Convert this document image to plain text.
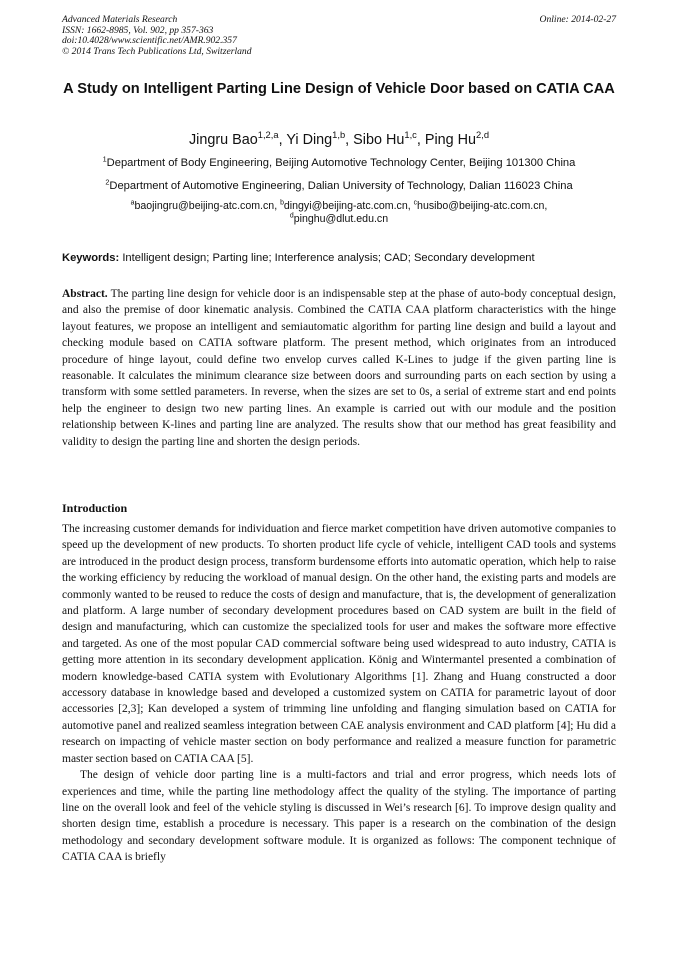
Advanced Materials Research
ISSN: 1662-8985, Vol. 902, pp 357-363
doi:10.4028/www.scientific.net/AMR.902.357
© 2014 Trans Tech Publications Ltd, Switzerland
Online: 2014-02-27
A Study on Intelligent Parting Line Design of Vehicle Door based on CATIA CAA
Jingru Bao$^{1,2,a}$, Yi Ding$^{1,b}$, Sibo Hu$^{1,c}$, Ping Hu$^{2,d}$
$^1$Department of Body Engineering, Beijing Automotive Technology Center, Beijing 101300 China
$^2$Department of Automotive Engineering, Dalian University of Technology, Dalian 116023 China
$^a$baojingru@beijing-atc.com.cn, $^b$dingyi@beijing-atc.com.cn, $^c$husibo@beijing-atc.com.cn,
$^d$pinghu@dlut.edu.cn
Keywords: Intelligent design; Parting line; Interference analysis; CAD; Secondary development
Abstract. The parting line design for vehicle door is an indispensable step at the phase of auto-body conceptual design, and also the premise of door kinematic analysis. Combined the CATIA CAA platform characteristics with the hinge layout features, we propose an intelligent and semiautomatic algorithm for parting line design and build a layout and checking module based on CATIA software platform. The present method, which originates from an introduced procedure of hinge layout, could define two envelop curves called K-Lines to judge if the given parting line is reasonable. It calculates the minimum clearance size between doors and surrounding parts on each section by using a transform with some settled parameters. In reverse, when the sizes are set to 0s, a serial of extreme start and end points help the engineer to design two new parting lines. An example is carried out with our module and the position relationship between K-lines and parting line are analyzed. The results show that our method has great feasibility and validity to design the parting line and shorten the design periods.
Introduction

The increasing customer demands for individuation and fierce market competition have driven automotive companies to speed up the development of new products. To shorten product life cycle of vehicle, intelligent CAD tools and systems are introduced in the product design process, transform burdensome efforts into automatic operation, which help to raise the working efficiency by reducing the workload of manual design. On the other hand, the existing parts and models are commonly wanted to be reused to reduce the costs of design and manufacture, that is, the development of generalization and platform. A large number of secondary development procedures based on CAD system are built in the field of design and manufacturing, which can customize the specialized tools for user and makes the software more effective and targeted. As one of the most popular CAD commercial software being used widespread to auto industry, CATIA is getting more attention in its secondary development application. König and Wintermantel presented a combination of modern knowledge-based CATIA system with Evolutionary Algorithms [1]. Zhang and Huang constructed a door accessory database in knowledge based and developed a customized system on CATIA for parametric layout of door accessories [2,3]; Kan developed a system of trimming line unfolding and flanging simulation based on CATIA for automotive panel and realized seamless integration between CAE analysis environment and CAD platform [4]; Hu did a research on impacting of vehicle master section on body performance and realized a measure function for parametric master section based on CATIA CAA [5].

The design of vehicle door parting line is a multi-factors and trial and error progress, which needs lots of experiences and time, while the parting line methodology affect the quality of the styling. The importance of parting line on the overall look and feel of the vehicle styling is discussed in Wei’s research [6]. To improve design quality and shorten design time, establish a procedure is necessary. This paper is a research on the combination of the design methodology and secondary development software module. It is organized as follows: The component technique of CATIA CAA is briefly
